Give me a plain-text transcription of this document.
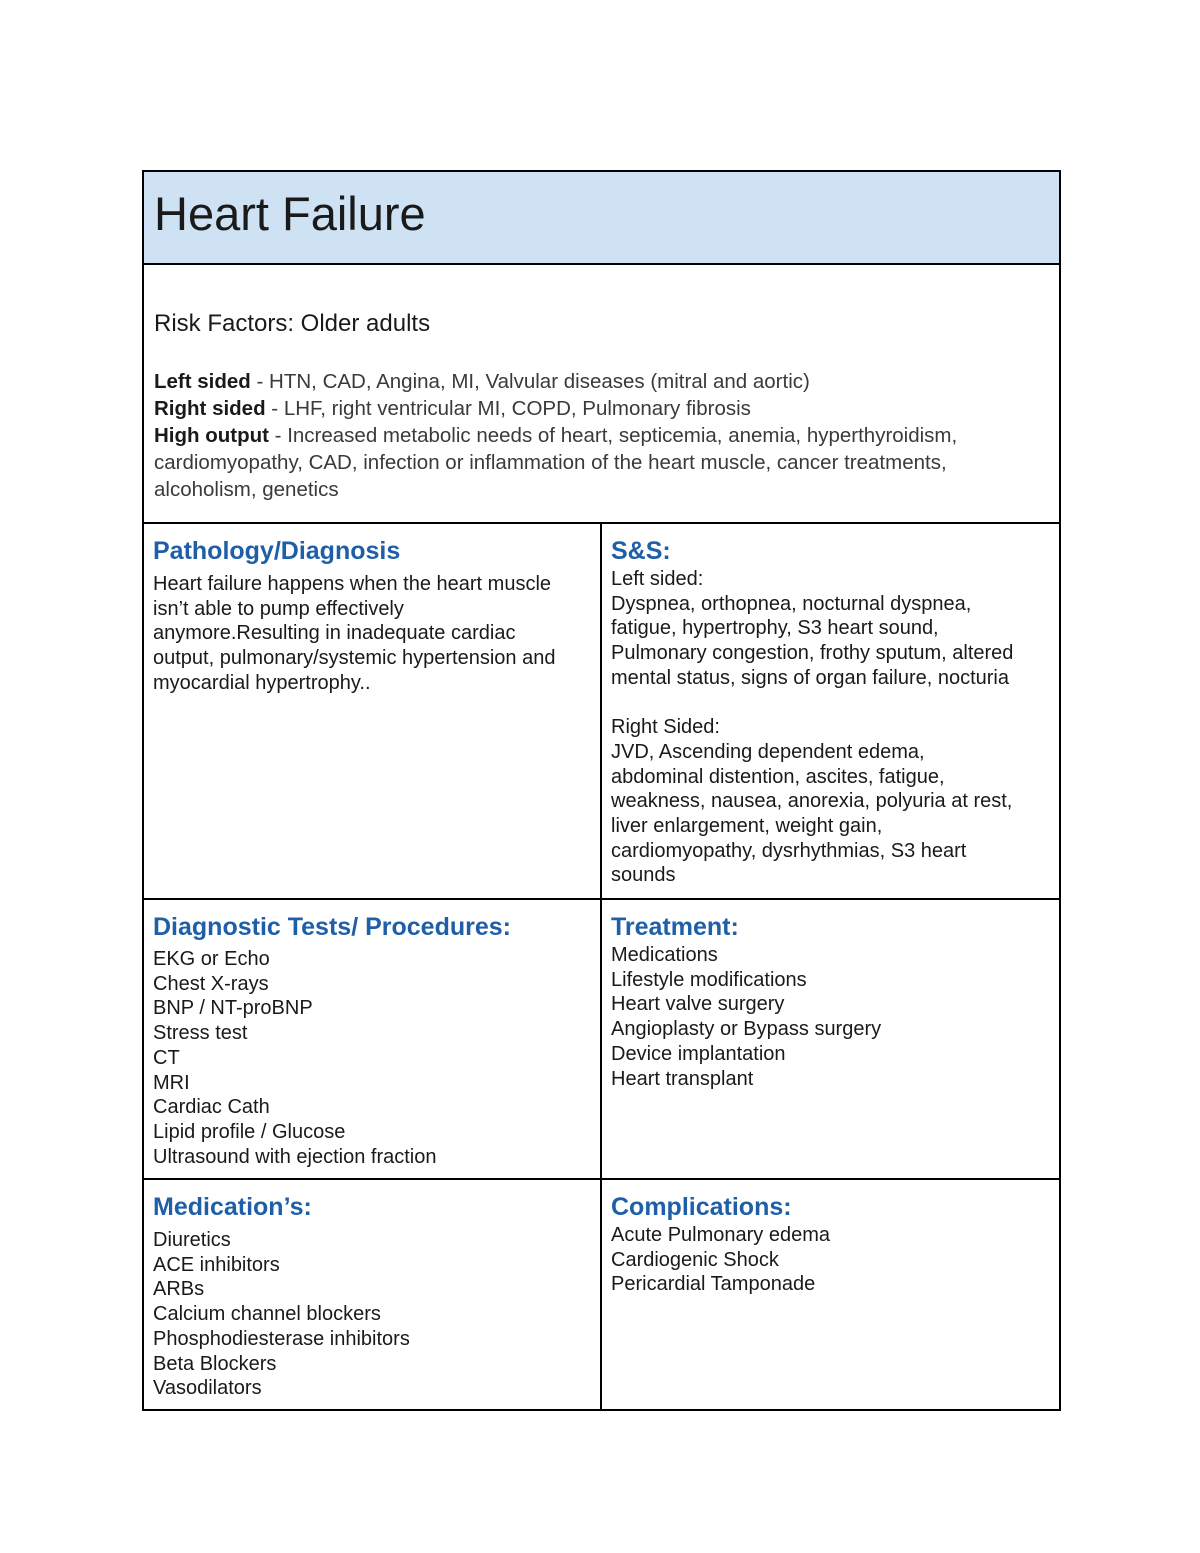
Heart Failure
Risk Factors: Older adults
Left sided - HTN, CAD, Angina, MI, Valvular diseases (mitral and aortic)
Right sided - LHF, right ventricular MI, COPD, Pulmonary fibrosis
High output - Increased metabolic needs of heart, septicemia, anemia, hyperthyroidism, cardiomyopathy, CAD, infection or inflammation of the heart muscle, cancer treatments, alcoholism, genetics
Pathology/Diagnosis
Heart failure happens when the heart muscle
isn’t able to pump effectively
anymore.Resulting in inadequate cardiac
output, pulmonary/systemic hypertension and
myocardial hypertrophy..
S&S:
Left sided:
Dyspnea, orthopnea, nocturnal dyspnea,
fatigue, hypertrophy, S3 heart sound,
Pulmonary congestion, frothy sputum, altered
mental status, signs of organ failure, nocturia
Right Sided:
JVD, Ascending dependent edema,
abdominal distention, ascites, fatigue,
weakness, nausea, anorexia, polyuria at rest,
liver enlargement, weight gain,
cardiomyopathy, dysrhythmias, S3 heart
sounds
Diagnostic Tests/ Procedures:
EKG or Echo
Chest X-rays
BNP / NT-proBNP
Stress test
CT
MRI
Cardiac Cath
Lipid profile / Glucose
Ultrasound with ejection fraction
Treatment:
Medications
Lifestyle modifications
Heart valve surgery
Angioplasty or Bypass surgery
Device implantation
Heart transplant
Medication’s:
Diuretics
ACE inhibitors
ARBs
Calcium channel blockers
Phosphodiesterase inhibitors
Beta Blockers
Vasodilators
Complications:
Acute Pulmonary edema
Cardiogenic Shock
Pericardial Tamponade
